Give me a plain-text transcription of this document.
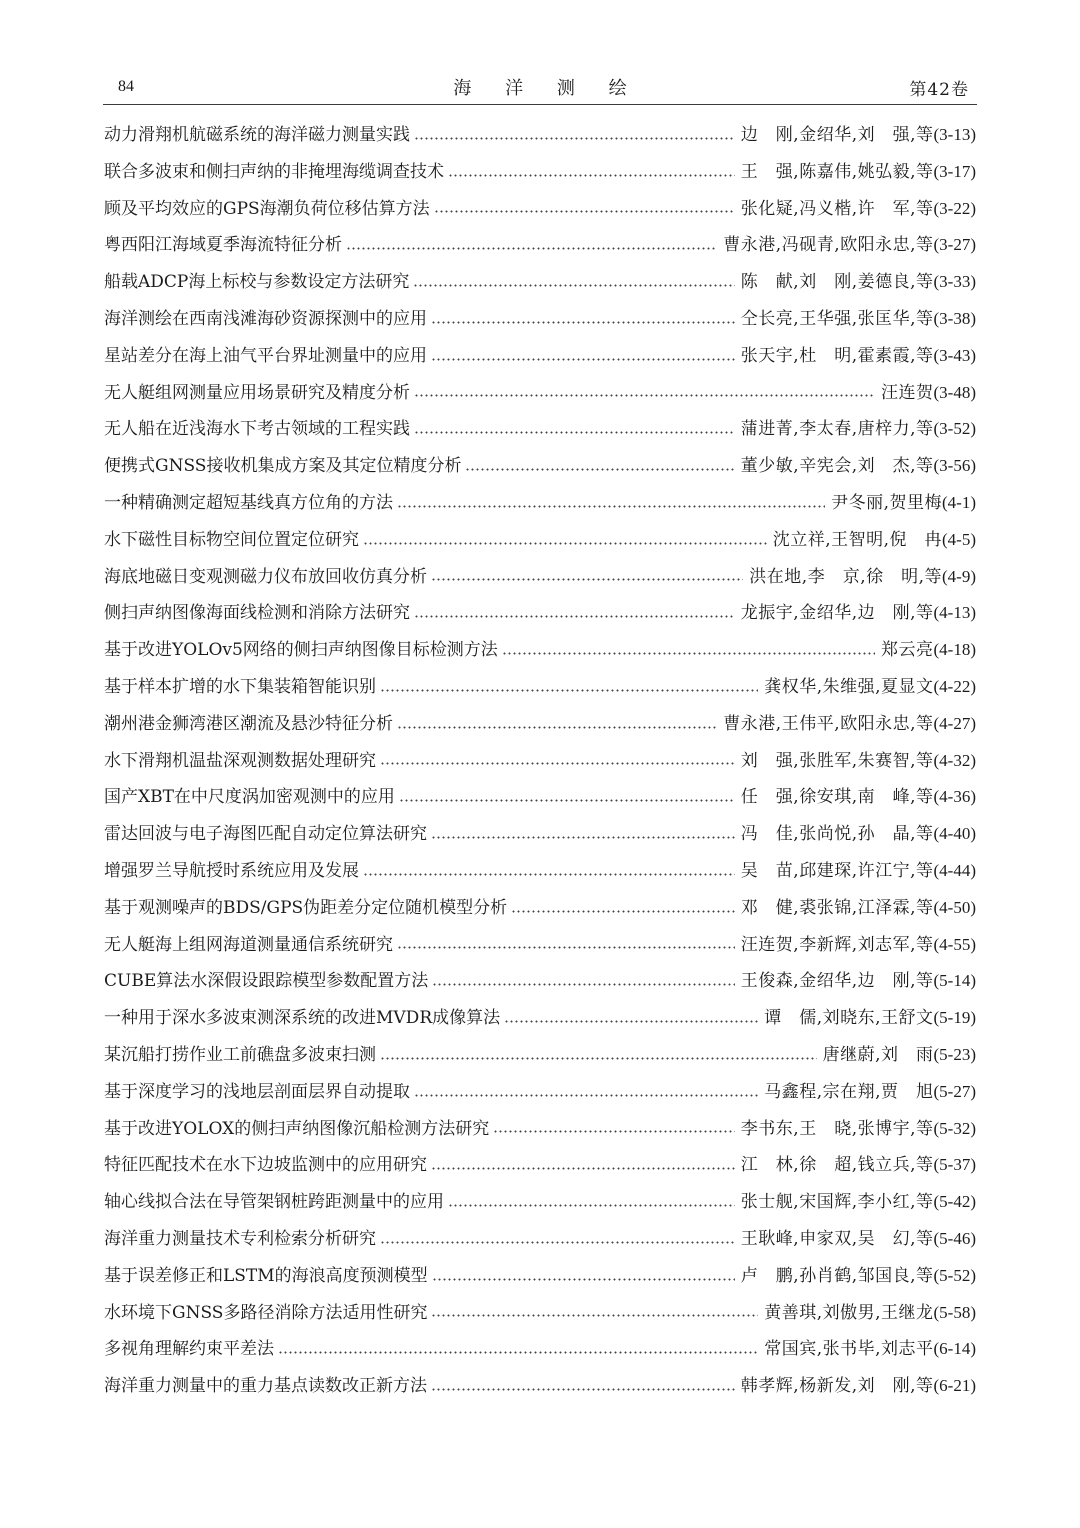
84	海 洋 测 绘	第42卷
动力滑翔机航磁系统的海洋磁力测量实践	边　刚,金绍华,刘　强,等 (3-13)
联合多波束和侧扫声纳的非掩埋海缆调查技术	王　强,陈嘉伟,姚弘毅,等 (3-17)
顾及平均效应的GPS海潮负荷位移估算方法	张化疑,冯义楷,许　军,等 (3-22)
粤西阳江海域夏季海流特征分析	曹永港,冯砚青,欧阳永忠,等 (3-27)
船载ADCP海上标校与参数设定方法研究	陈　献,刘　刚,姜德良,等 (3-33)
海洋测绘在西南浅滩海砂资源探测中的应用	仝长亮,王华强,张匡华,等 (3-38)
星站差分在海上油气平台界址测量中的应用	张天宇,杜　明,霍素霞,等 (3-43)
无人艇组网测量应用场景研究及精度分析	汪连贺 (3-48)
无人船在近浅海水下考古领域的工程实践	蒲进菁,李太春,唐梓力,等 (3-52)
便携式GNSS接收机集成方案及其定位精度分析	董少敏,辛宪会,刘　杰,等 (3-56)
一种精确测定超短基线真方位角的方法	尹冬丽,贺里梅 (4-1)
水下磁性目标物空间位置定位研究	沈立祥,王智明,倪　冉 (4-5)
海底地磁日变观测磁力仪布放回收仿真分析	洪在地,李　京,徐　明,等 (4-9)
侧扫声纳图像海面线检测和消除方法研究	龙振宇,金绍华,边　刚,等 (4-13)
基于改进YOLOv5网络的侧扫声纳图像目标检测方法	郑云亮 (4-18)
基于样本扩增的水下集装箱智能识别	龚权华,朱维强,夏显文 (4-22)
潮州港金狮湾港区潮流及悬沙特征分析	曹永港,王伟平,欧阳永忠,等 (4-27)
水下滑翔机温盐深观测数据处理研究	刘　强,张胜军,朱赛智,等 (4-32)
国产XBT在中尺度涡加密观测中的应用	任　强,徐安琪,南　峰,等 (4-36)
雷达回波与电子海图匹配自动定位算法研究	冯　佳,张尚悦,孙　晶,等 (4-40)
增强罗兰导航授时系统应用及发展	吴　苗,邱建琛,许江宁,等 (4-44)
基于观测噪声的BDS/GPS伪距差分定位随机模型分析	邓　健,裘张锦,江泽霖,等 (4-50)
无人艇海上组网海道测量通信系统研究	汪连贺,李新辉,刘志军,等 (4-55)
CUBE算法水深假设跟踪模型参数配置方法	王俊森,金绍华,边　刚,等 (5-14)
一种用于深水多波束测深系统的改进MVDR成像算法	谭　儒,刘晓东,王舒文 (5-19)
某沉船打捞作业工前礁盘多波束扫测	唐继蔚,刘　雨 (5-23)
基于深度学习的浅地层剖面层界自动提取	马鑫程,宗在翔,贾　旭 (5-27)
基于改进YOLOX的侧扫声纳图像沉船检测方法研究	李书东,王　晓,张博宇,等 (5-32)
特征匹配技术在水下边坡监测中的应用研究	江　林,徐　超,钱立兵,等 (5-37)
轴心线拟合法在导管架钢桩跨距测量中的应用	张士舰,宋国辉,李小红,等 (5-42)
海洋重力测量技术专利检索分析研究	王耿峰,申家双,吴　幻,等 (5-46)
基于误差修正和LSTM的海浪高度预测模型	卢　鹏,孙肖鹤,邹国良,等 (5-52)
水环境下GNSS多路径消除方法适用性研究	黄善琪,刘傲男,王继龙 (5-58)
多视角理解约束平差法	常国宾,张书毕,刘志平 (6-14)
海洋重力测量中的重力基点读数改正新方法	韩孝辉,杨新发,刘　刚,等 (6-21)
